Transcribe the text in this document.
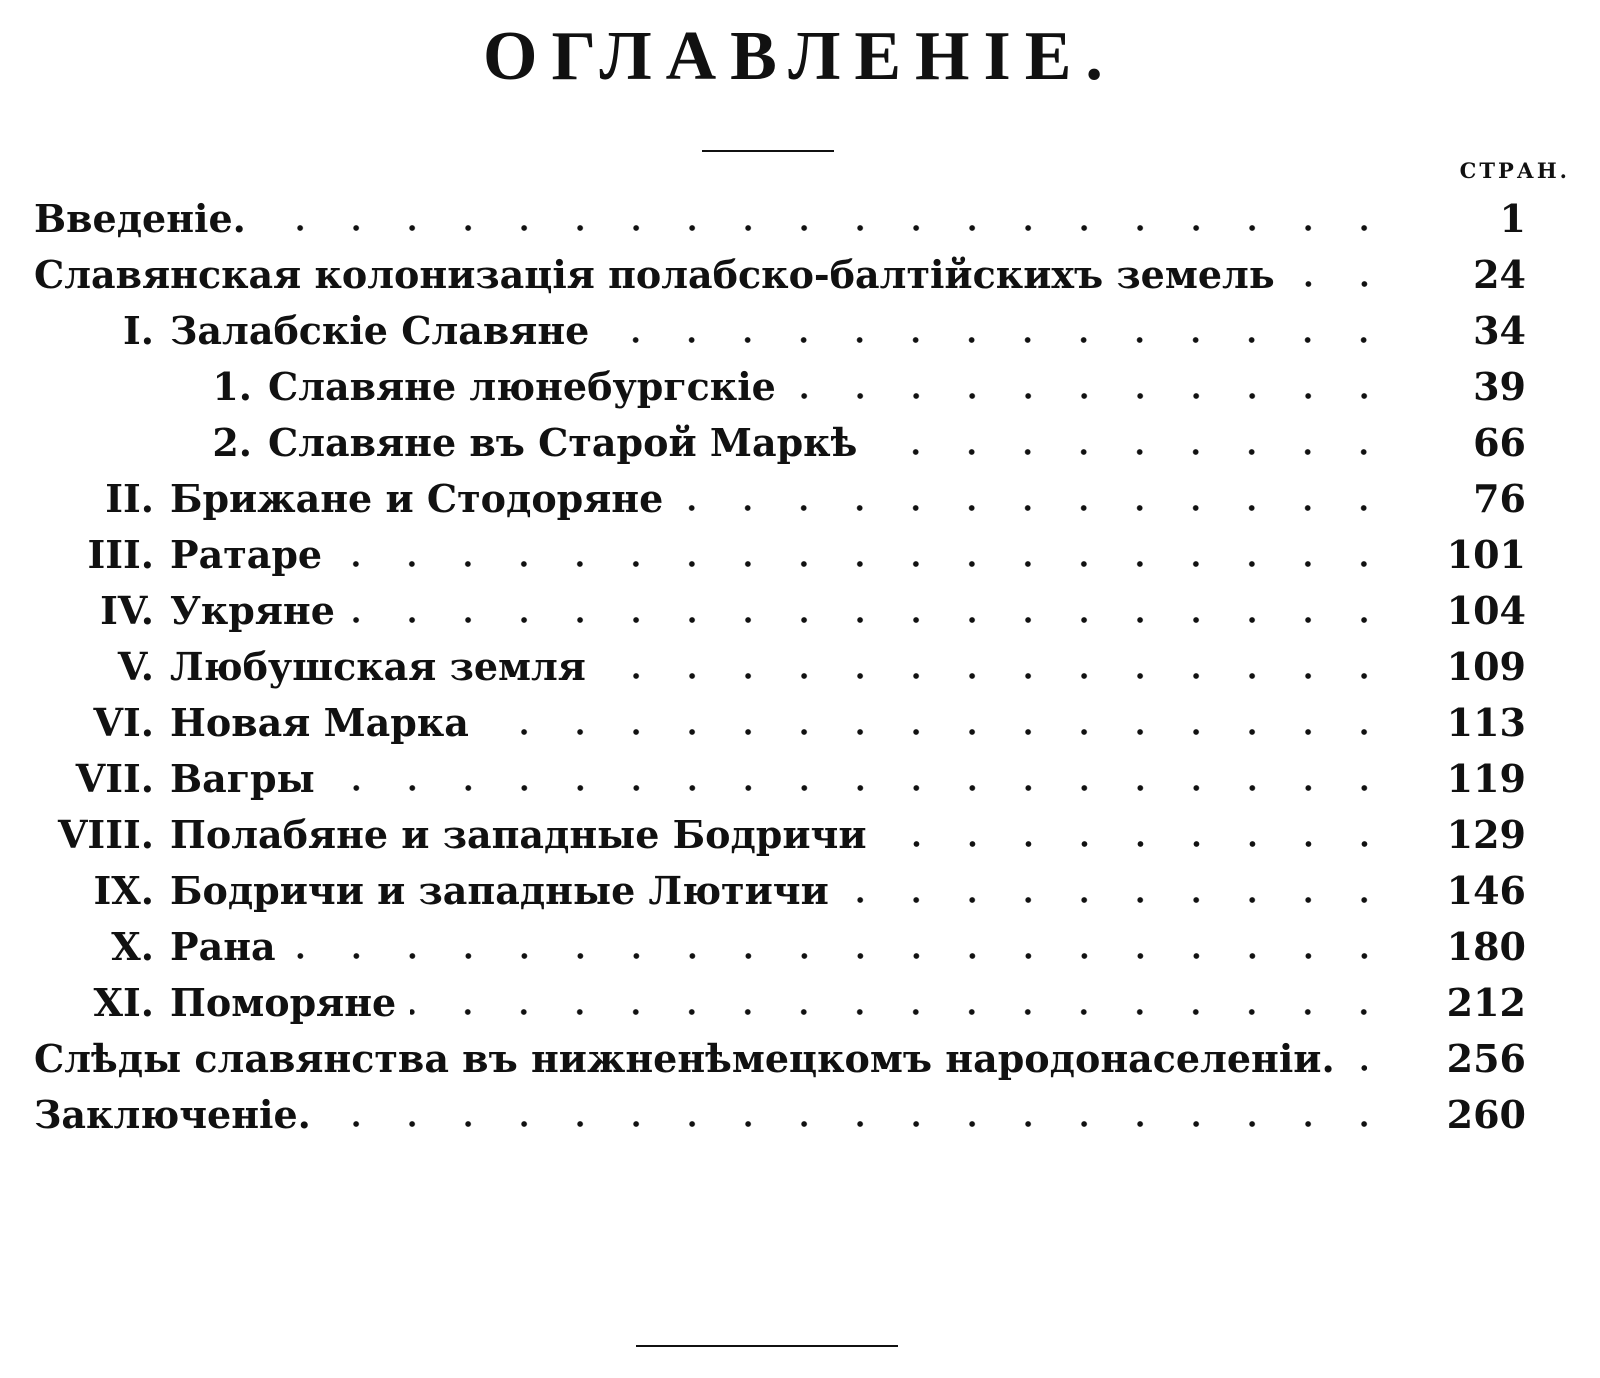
ОГЛАВЛЕНІЕ.
СТРАН.
Введеніе.	1
Славянская колонизація полабско-балтійскихъ земель	24
I. Залабскіе Славяне	34
1. Славяне люнебургскіе	39
2. Славяне въ Старой Маркѣ	66
II. Брижане и Стодоряне	76
III. Ратаре	101
IV. Укряне	104
V. Любушская земля	109
VI. Новая Марка	113
VII. Вагры	119
VIII. Полабяне и западные Бодричи	129
IX. Бодричи и западные Лютичи	146
X. Рана	180
XI. Поморяне	212
Слѣды славянства въ нижненѣмецкомъ народонаселеніи.	256
Заключеніе.	260
